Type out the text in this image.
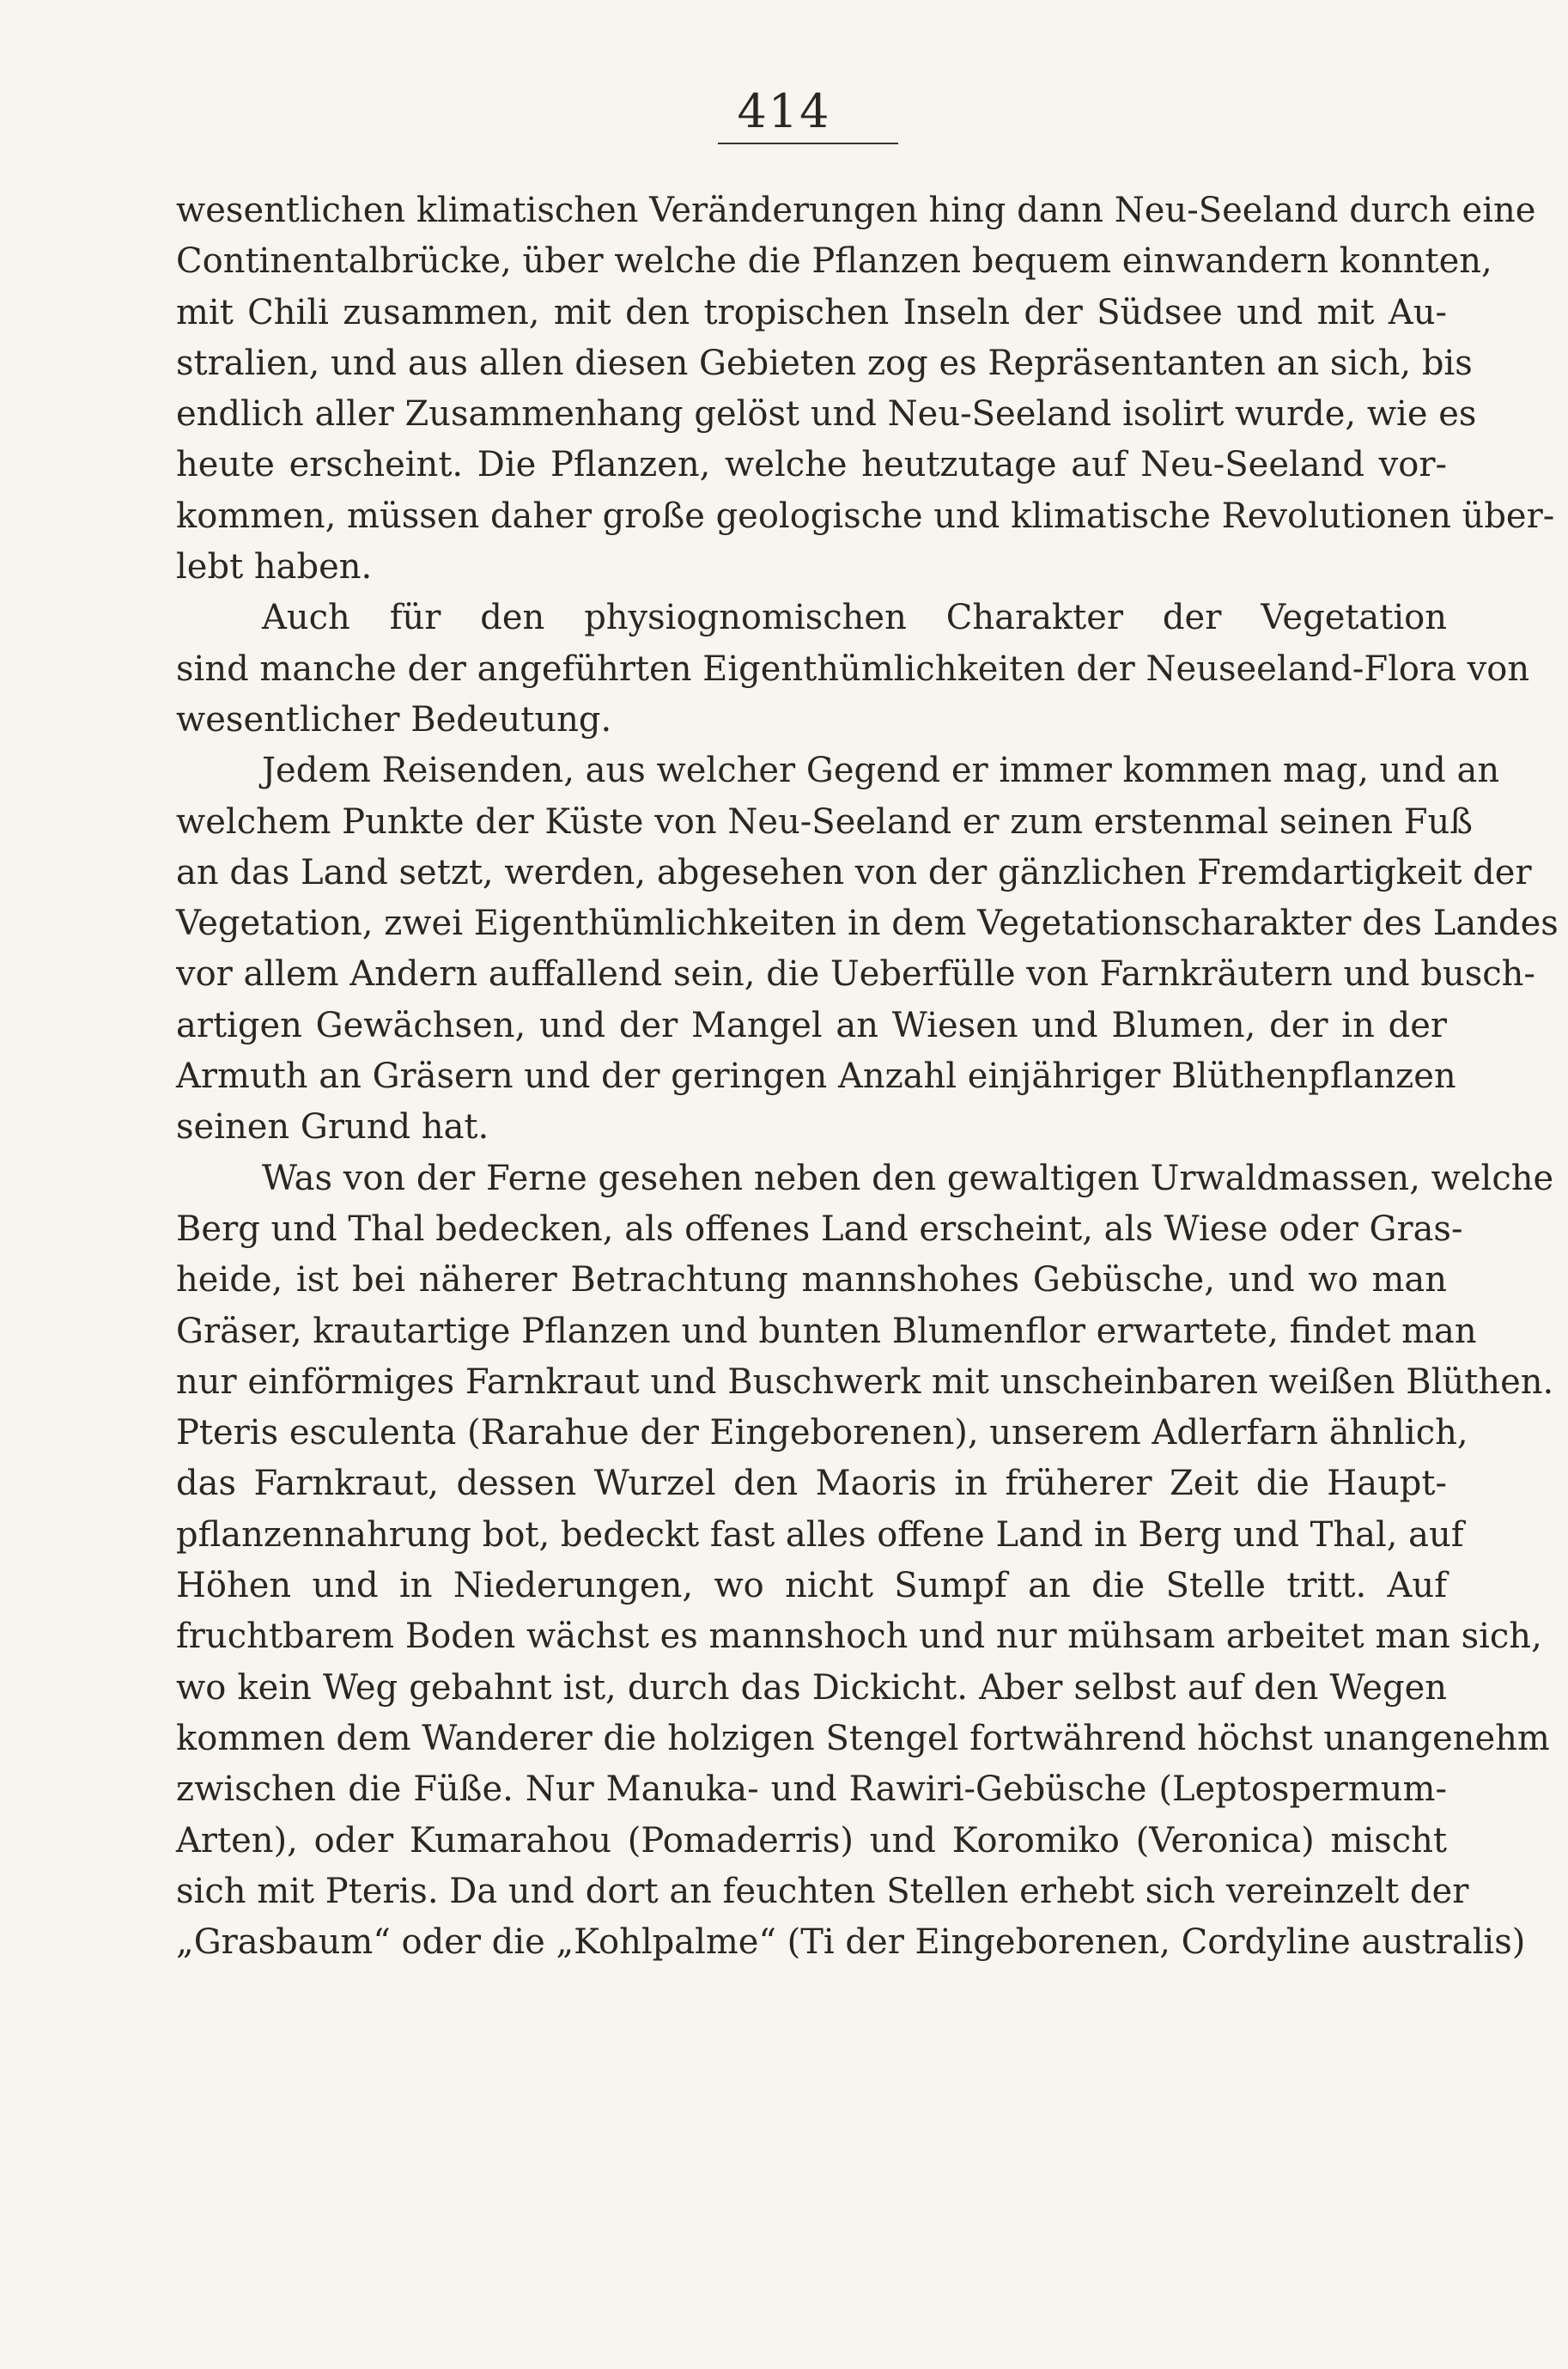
414
wesentlichen klimatischen Veränderungen hing dann Neu-Seeland durch eine
Continentalbrücke, über welche die Pflanzen bequem einwandern konnten,
mit Chili zusammen, mit den tropischen Inseln der Südsee und mit Au-
stralien, und aus allen diesen Gebieten zog es Repräsentanten an sich, bis
endlich aller Zusammenhang gelöst und Neu-Seeland isolirt wurde, wie es
heute erscheint. Die Pflanzen, welche heutzutage auf Neu-Seeland vor-
kommen, müssen daher große geologische und klimatische Revolutionen über-
lebt haben.
Auch für den physiognomischen Charakter der Vegetation
sind manche der angeführten Eigenthümlichkeiten der Neuseeland-Flora von
wesentlicher Bedeutung.
Jedem Reisenden, aus welcher Gegend er immer kommen mag, und an
welchem Punkte der Küste von Neu-Seeland er zum erstenmal seinen Fuß
an das Land setzt, werden, abgesehen von der gänzlichen Fremdartigkeit der
Vegetation, zwei Eigenthümlichkeiten in dem Vegetationscharakter des Landes
vor allem Andern auffallend sein, die Ueberfülle von Farnkräutern und busch-
artigen Gewächsen, und der Mangel an Wiesen und Blumen, der in der
Armuth an Gräsern und der geringen Anzahl einjähriger Blüthenpflanzen
seinen Grund hat.
Was von der Ferne gesehen neben den gewaltigen Urwaldmassen, welche
Berg und Thal bedecken, als offenes Land erscheint, als Wiese oder Gras-
heide, ist bei näherer Betrachtung mannshohes Gebüsche, und wo man
Gräser, krautartige Pflanzen und bunten Blumenflor erwartete, findet man
nur einförmiges Farnkraut und Buschwerk mit unscheinbaren weißen Blüthen.
Pteris esculenta (Rarahue der Eingeborenen), unserem Adlerfarn ähnlich,
das Farnkraut, dessen Wurzel den Maoris in früherer Zeit die Haupt-
pflanzennahrung bot, bedeckt fast alles offene Land in Berg und Thal, auf
Höhen und in Niederungen, wo nicht Sumpf an die Stelle tritt. Auf
fruchtbarem Boden wächst es mannshoch und nur mühsam arbeitet man sich,
wo kein Weg gebahnt ist, durch das Dickicht. Aber selbst auf den Wegen
kommen dem Wanderer die holzigen Stengel fortwährend höchst unangenehm
zwischen die Füße. Nur Manuka- und Rawiri-Gebüsche (Leptospermum-
Arten), oder Kumarahou (Pomaderris) und Koromiko (Veronica) mischt
sich mit Pteris. Da und dort an feuchten Stellen erhebt sich vereinzelt der
„Grasbaum“ oder die „Kohlpalme“ (Ti der Eingeborenen, Cordyline australis)
